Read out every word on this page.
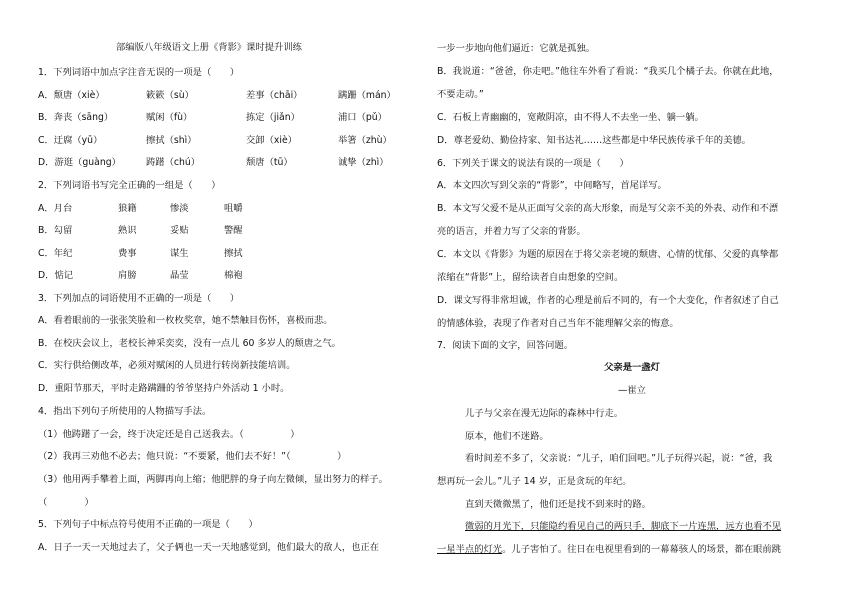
部编版八年级语文上册《背影》课时提升训练
1．下列词语中加点字注音无误的一项是（　　）
A．颓唐（xiè）	簌簌（sù）	差事（chāi）	蹒跚（mán）
B．奔丧（sāng）	赋闲（fù）	拣定（jiǎn）	浦口（pǔ）
C．迂腐（yū）	擦拭（shì）	交卸（xiè）	举箸（zhù）
D．游逛（guàng）	踌躇（chú）	颓唐（tū）	诚挚（zhì）
2．下列词语书写完全正确的一组是（　　）
A．月台	狼籍	惨淡	咀嚼
B．勾留	熟识	妥贴	警醒
C．年纪	费事	谋生	擦拭
D．惦记	肩膀	晶莹	棉袍
3．下列加点的词语使用不正确的一项是（　　）
A．看着眼前的一张张笑脸和一枚枚奖章，她不禁触目伤怀，喜极而悲。
B．在校庆会议上，老校长神采奕奕，没有一点儿 60 多岁人的颓唐之气。
C．实行供给侧改革，必须对赋闲的人员进行转岗新技能培训。
D．重阳节那天，平时走路蹒跚的爷爷坚持户外活动 1 小时。
4．指出下列句子所使用的人物描写手法。
（1）他踌躇了一会，终于决定还是自己送我去。（　　　　　）
（2）我再三劝他不必去；他只说：“不要紧，他们去不好！”（　　　　　）
（3）他用两手攀着上面，两脚再向上缩；他肥胖的身子向左微倾，显出努力的样子。
（　　　　）
5．下列句子中标点符号使用不正确的一项是（　　）
A．日子一天一天地过去了，父子俩也一天一天地感觉到，他们最大的敌人，也正在
一步一步地向他们逼近：它就是孤独。
B．我说道：“爸爸，你走吧。”他往车外看了看说：“我买几个橘子去。你就在此地，
不要走动。”
C．石板上青幽幽的，宽敞阴凉，由不得人不去坐一坐、躺一躺。
D．尊老爱幼、勤俭持家、知书达礼……这些都是中华民族传承千年的美德。
6．下列关于课文的说法有误的一项是（　　）
A．本文四次写到父亲的“背影”，中间略写，首尾详写。
B．本文写父爱不是从正面写父亲的高大形象，而是写父亲不美的外表、动作和不漂
亮的语言，并着力写了父亲的背影。
C．本文以《背影》为题的原因在于将父亲老境的颓唐、心情的忧郁、父爱的真挚都
浓缩在“背影”上，留给读者自由想象的空间。
D．课文写得非常坦诚，作者的心理是前后不同的，有一个大变化，作者叙述了自己
的情感体验，表现了作者对自己当年不能理解父亲的悔意。
7．阅读下面的文字，回答问题。
父亲是一盏灯
—崔立
儿子与父亲在漫无边际的森林中行走。
原本，他们不迷路。
看时间差不多了，父亲说：“儿子，咱们回吧。”儿子玩得兴起，说：“爸，我
想再玩一会儿。”儿子 14 岁，正是贪玩的年纪。
直到天微微黑了，他们还是找不到来时的路。
微弱的月光下，只能隐约看见自己的两只手，脚底下一片连黑，远方也看不见
一星半点的灯光。儿子害怕了。往日在电视里看到的一幕幕骇人的场景，都在眼前跳
